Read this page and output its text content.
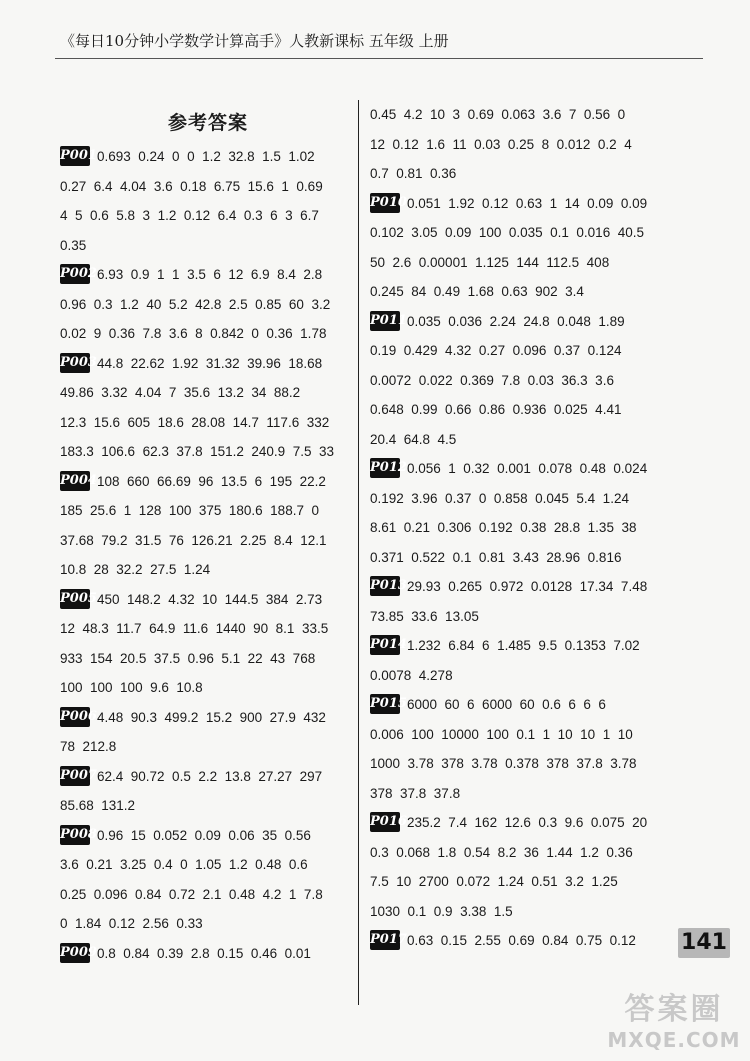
《每日10分钟小学数学计算高手》人教新课标 五年级 上册
参考答案
P0010.693  0.24  0  0  1.2  32.8  1.5  1.02
0.27  6.4  4.04  3.6  0.18  6.75  15.6  1  0.69
4  5  0.6  5.8  3  1.2  0.12  6.4  0.3  6  3  6.7
0.35
P0026.93  0.9  1  1  3.5  6  12  6.9  8.4  2.8
0.96  0.3  1.2  40  5.2  42.8  2.5  0.85  60  3.2
0.02  9  0.36  7.8  3.6  8  0.842  0  0.36  1.78
P00344.8  22.62  1.92  31.32  39.96  18.68
49.86  3.32  4.04  7  35.6  13.2  34  88.2
12.3  15.6  605  18.6  28.08  14.7  117.6  332
183.3  106.6  62.3  37.8  151.2  240.9  7.5  33
P004108  660  66.69  96  13.5  6  195  22.2
185  25.6  1  128  100  375  180.6  188.7  0
37.68  79.2  31.5  76  126.21  2.25  8.4  12.1
10.8  28  32.2  27.5  1.24
P005450  148.2  4.32  10  144.5  384  2.73
12  48.3  11.7  64.9  11.6  1440  90  8.1  33.5
933  154  20.5  37.5  0.96  5.1  22  43  768
100  100  100  9.6  10.8
P0064.48  90.3  499.2  15.2  900  27.9  432
78  212.8
P00762.4  90.72  0.5  2.2  13.8  27.27  297
85.68  131.2
P0080.96  15  0.052  0.09  0.06  35  0.56
3.6  0.21  3.25  0.4  0  1.05  1.2  0.48  0.6
0.25  0.096  0.84  0.72  2.1  0.48  4.2  1  7.8
0  1.84  0.12  2.56  0.33
P0090.8  0.84  0.39  2.8  0.15  0.46  0.01
0.45  4.2  10  3  0.69  0.063  3.6  7  0.56  0
12  0.12  1.6  11  0.03  0.25  8  0.012  0.2  4
0.7  0.81  0.36
P0100.051  1.92  0.12  0.63  1  14  0.09  0.09
0.102  3.05  0.09  100  0.035  0.1  0.016  40.5
50  2.6  0.00001  1.125  144  112.5  408
0.245  84  0.49  1.68  0.63  902  3.4
P0110.035  0.036  2.24  24.8  0.048  1.89
0.19  0.429  4.32  0.27  0.096  0.37  0.124
0.0072  0.022  0.369  7.8  0.03  36.3  3.6
0.648  0.99  0.66  0.86  0.936  0.025  4.41
20.4  64.8  4.5
P0120.056  1  0.32  0.001  0.078  0.48  0.024
0.192  3.96  0.37  0  0.858  0.045  5.4  1.24
8.61  0.21  0.306  0.192  0.38  28.8  1.35  38
0.371  0.522  0.1  0.81  3.43  28.96  0.816
P01329.93  0.265  0.972  0.0128  17.34  7.48
73.85  33.6  13.05
P0141.232  6.84  6  1.485  9.5  0.1353  7.02
0.0078  4.278
P0156000  60  6  6000  60  0.6  6  6  6
0.006  100  10000  100  0.1  1  10  10  1  10
1000  3.78  378  3.78  0.378  378  37.8  3.78
378  37.8  37.8
P016235.2  7.4  162  12.6  0.3  9.6  0.075  20
0.3  0.068  1.8  0.54  8.2  36  1.44  1.2  0.36
7.5  10  2700  0.072  1.24  0.51  3.2  1.25
1030  0.1  0.9  3.38  1.5
P0170.63  0.15  2.55  0.69  0.84  0.75  0.12	141
答案圈
MXQE.COM
